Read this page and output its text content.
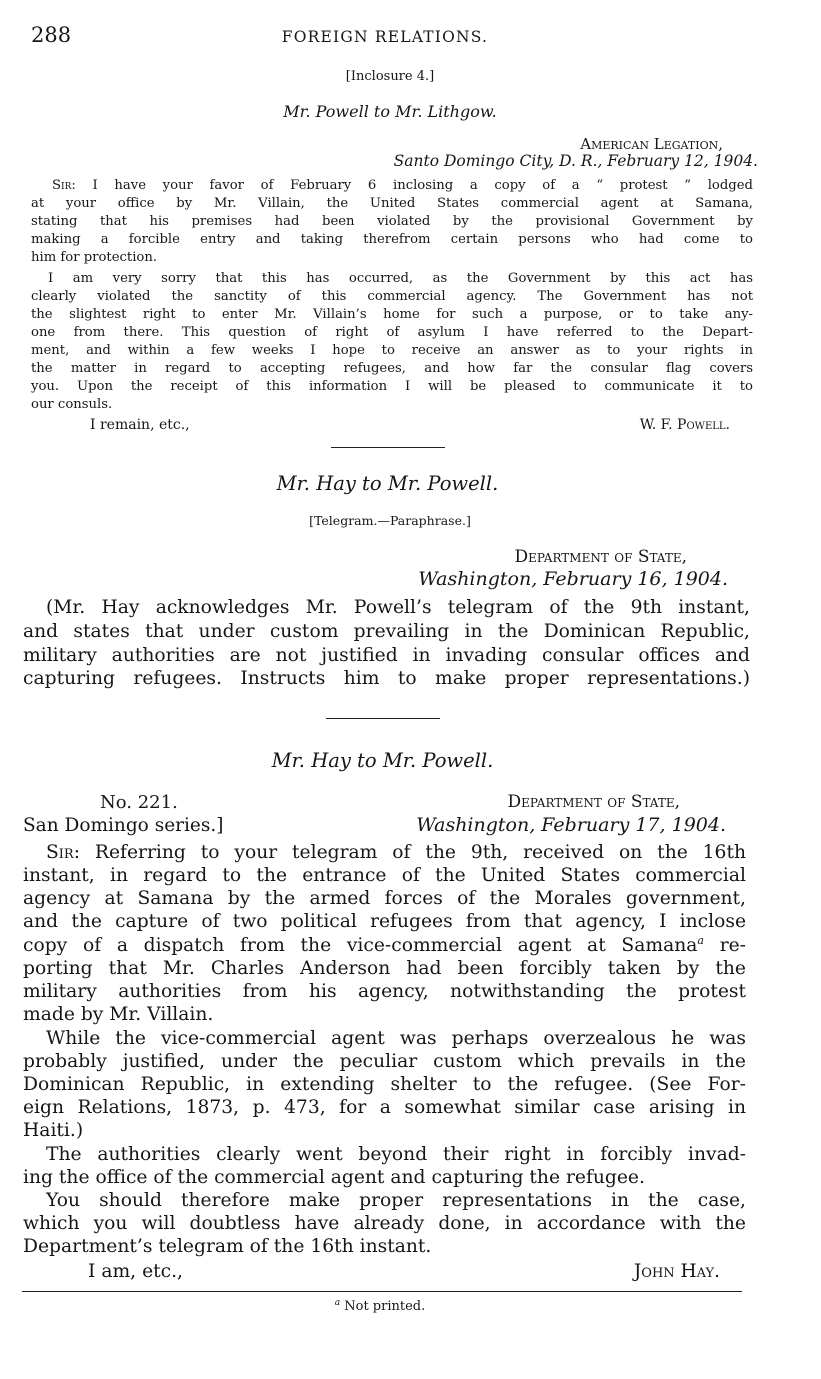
288	FOREIGN RELATIONS.
[Inclosure 4.]
Mr. Powell to Mr. Lithgow.
American Legation,
Santo Domingo City, D. R., February 12, 1904.
Sir: I have your favor of February 6 inclosing a copy of a “ protest ” lodged
at your office by Mr. Villain, the United States commercial agent at Samana,
stating that his premises had been violated by the provisional Government by
making a forcible entry and taking therefrom certain persons who had come to
him for protection.
I am very sorry that this has occurred, as the Government by this act has
clearly violated the sanctity of this commercial agency. The Government has not
the slightest right to enter Mr. Villain’s home for such a purpose, or to take any-
one from there. This question of right of asylum I have referred to the Depart-
ment, and within a few weeks I hope to receive an answer as to your rights in
the matter in regard to accepting refugees, and how far the consular flag covers
you. Upon the receipt of this information I will be pleased to communicate it to
our consuls.
I remain, etc.,	W. F. Powell.
Mr. Hay to Mr. Powell.
[Telegram.—Paraphrase.]
Department of State,
Washington, February 16, 1904.
(Mr. Hay acknowledges Mr. Powell’s telegram of the 9th instant,
and states that under custom prevailing in the Dominican Republic,
military authorities are not justified in invading consular offices and
capturing refugees. Instructs him to make proper representations.)
Mr. Hay to Mr. Powell.
No. 221.	Department of State,
San Domingo series.]	Washington, February 17, 1904.
Sir: Referring to your telegram of the 9th, received on the 16th
instant, in regard to the entrance of the United States commercial
agency at Samana by the armed forces of the Morales government,
and the capture of two political refugees from that agency, I inclose
copy of a dispatch from the vice-commercial agent at Samana$^a$ re-
porting that Mr. Charles Anderson had been forcibly taken by the
military authorities from his agency, notwithstanding the protest
made by Mr. Villain.
While the vice-commercial agent was perhaps overzealous he was
probably justified, under the peculiar custom which prevails in the
Dominican Republic, in extending shelter to the refugee. (See For-
eign Relations, 1873, p. 473, for a somewhat similar case arising in
Haiti.)
The authorities clearly went beyond their right in forcibly invad-
ing the office of the commercial agent and capturing the refugee.
You should therefore make proper representations in the case,
which you will doubtless have already done, in accordance with the
Department’s telegram of the 16th instant.
I am, etc.,	John Hay.
$^a$ Not printed.
